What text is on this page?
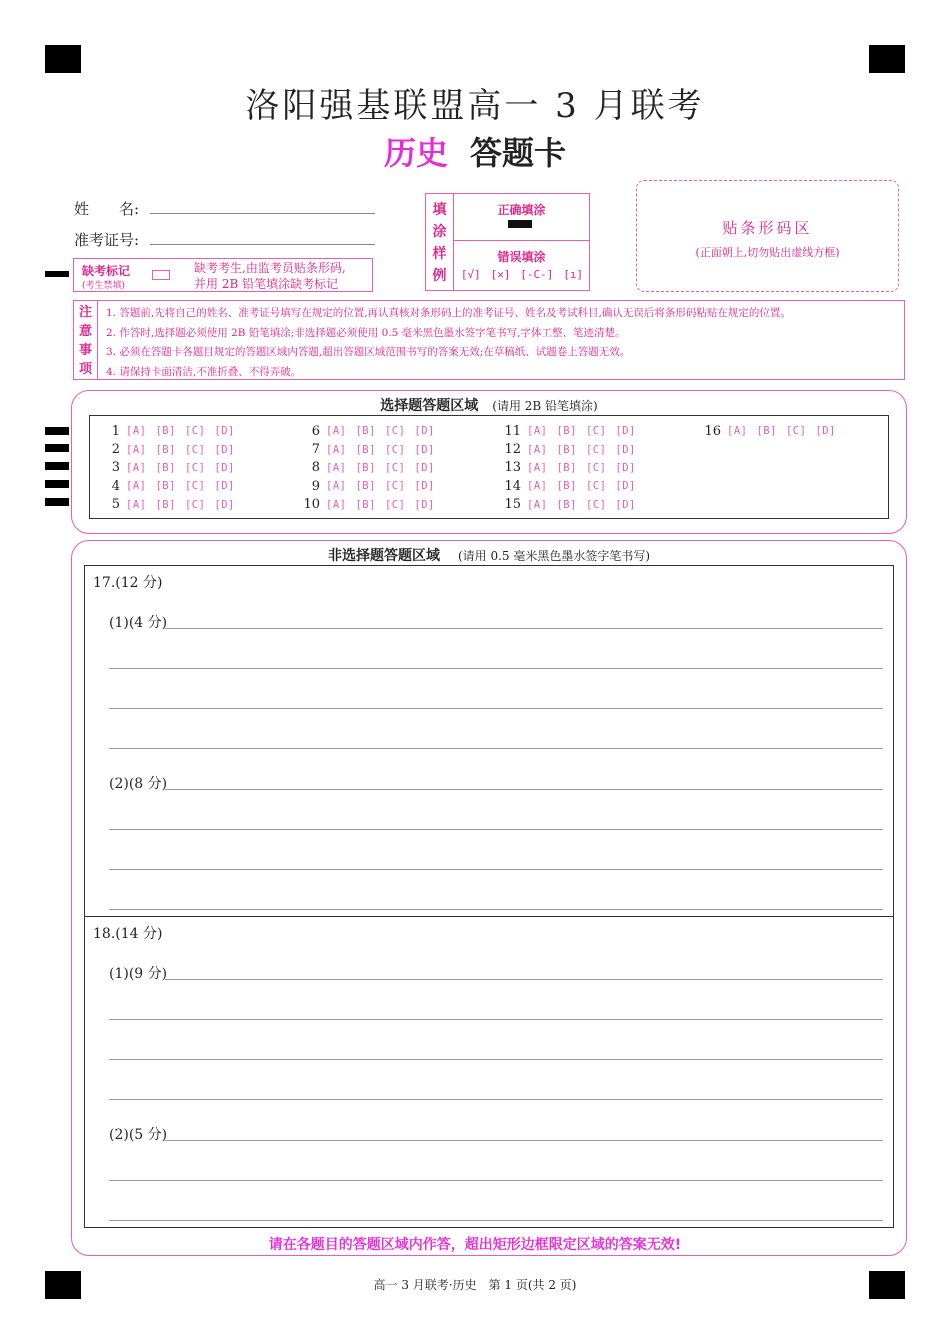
洛阳强基联盟高一 3 月联考
历史 答题卡
姓　　名:
准考证号:
缺考标记
(考生禁填)
缺考考生,由监考员贴条形码,
并用 2B 铅笔填涂缺考标记
填
涂
样
例
正确填涂
错误填涂
[√] [✕] [-C-] [ı]
贴条形码区
(正面朝上,切勿贴出虚线方框)
注
意
事
项
1. 答题前,先将自己的姓名、准考证号填写在规定的位置,再认真核对条形码上的准考证号、姓名及考试科目,确认无误后将条形码粘贴在规定的位置。
2. 作答时,选择题必须使用 2B 铅笔填涂;非选择题必须使用 0.5 毫米黑色墨水签字笔书写,字体工整、笔迹清楚。
3. 必须在答题卡各题目规定的答题区域内答题,超出答题区域范围书写的答案无效;在草稿纸、试题卷上答题无效。
4. 请保持卡面清洁,不准折叠、不得弄破。
选择题答题区域 (请用 2B 铅笔填涂)
1 [A] [B] [C] [D]
2 [A] [B] [C] [D]
3 [A] [B] [C] [D]
4 [A] [B] [C] [D]
5 [A] [B] [C] [D]
6 [A] [B] [C] [D]
7 [A] [B] [C] [D]
8 [A] [B] [C] [D]
9 [A] [B] [C] [D]
10 [A] [B] [C] [D]
11 [A] [B] [C] [D]
12 [A] [B] [C] [D]
13 [A] [B] [C] [D]
14 [A] [B] [C] [D]
15 [A] [B] [C] [D]
16 [A] [B] [C] [D]
非选择题答题区域 (请用 0.5 毫米黑色墨水签字笔书写)
17.(12 分)
(1)(4 分)
(2)(8 分)
18.(14 分)
(1)(9 分)
(2)(5 分)
请在各题目的答题区域内作答，超出矩形边框限定区域的答案无效!
高一 3 月联考·历史　第 1 页(共 2 页)
